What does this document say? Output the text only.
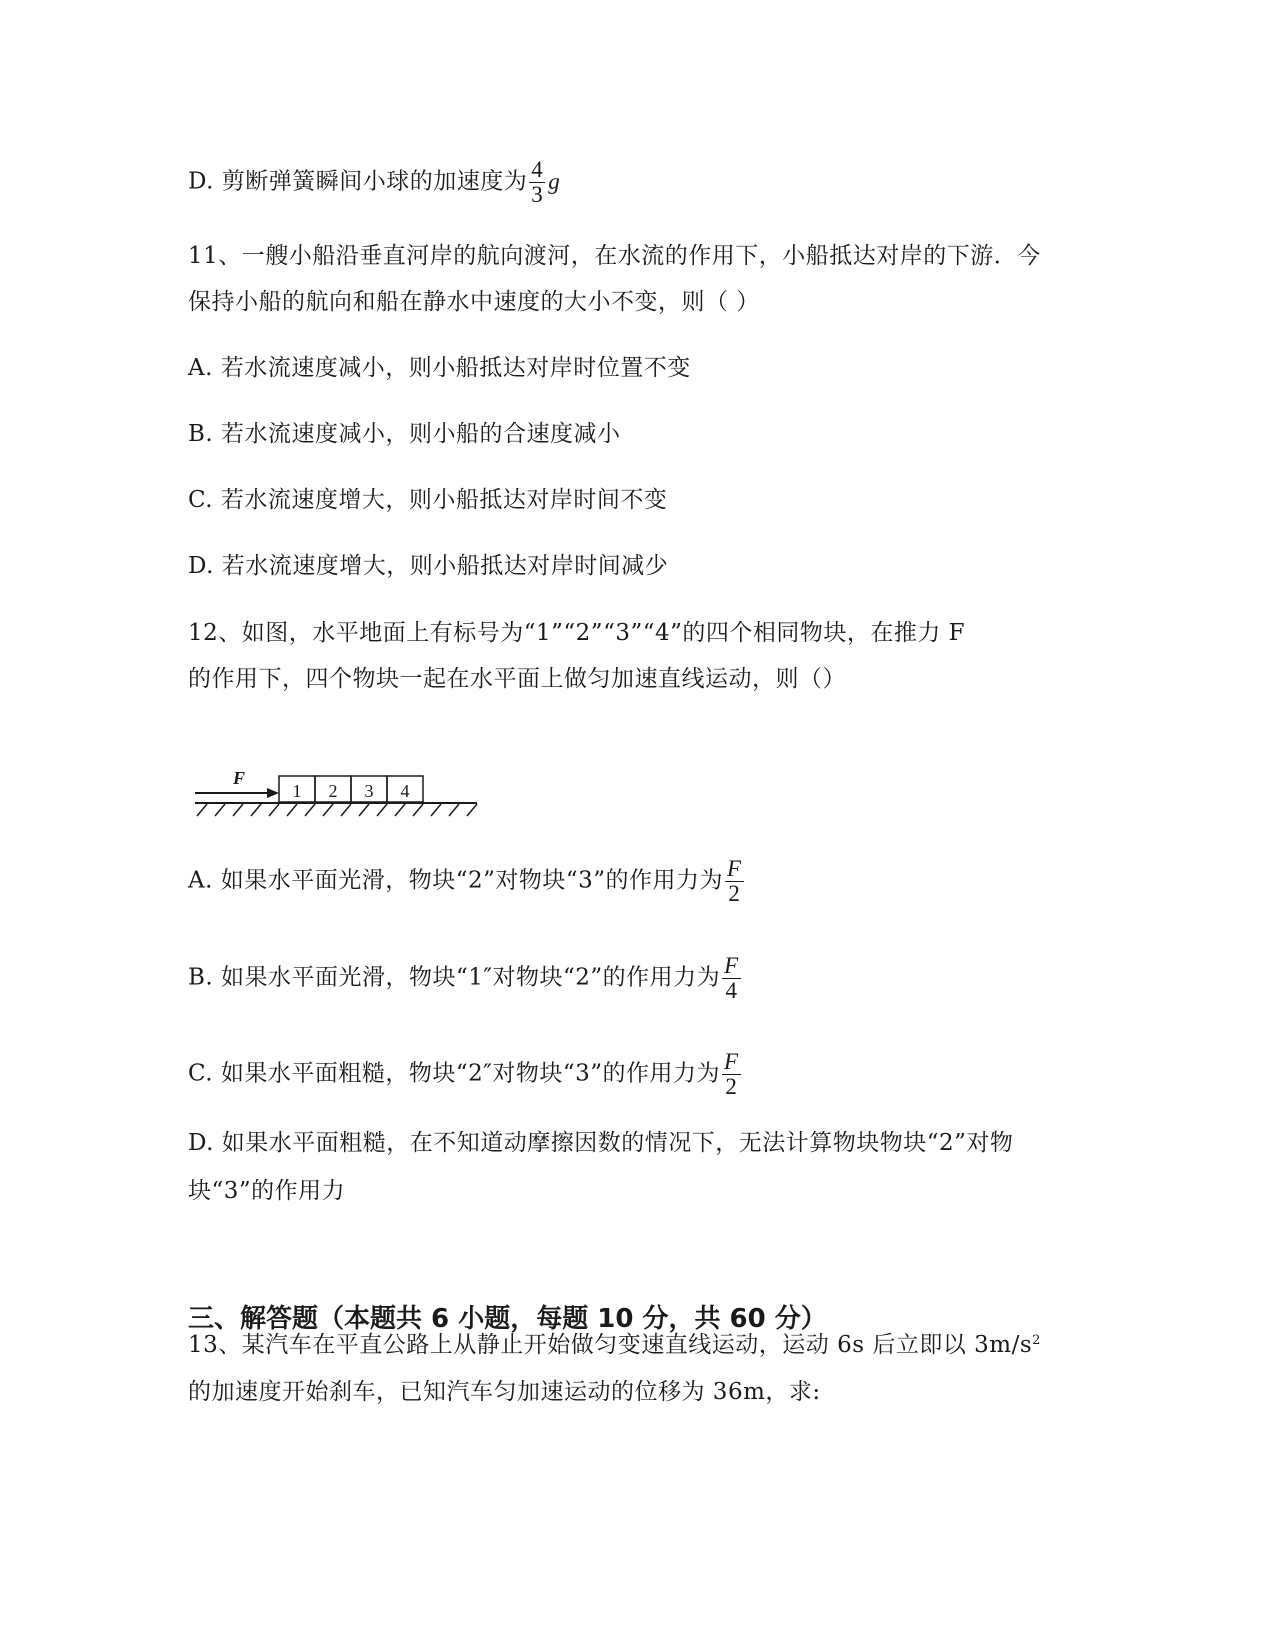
D. 剪断弹簧瞬间小球的加速度为 $\frac{4}{3}$ g
11、一艘小船沿垂直河岸的航向渡河，在水流的作用下，小船抵达对岸的下游．今
保持小船的航向和船在静水中速度的大小不变，则（ ）
A. 若水流速度减小，则小船抵达对岸时位置不变
B. 若水流速度减小，则小船的合速度减小
C. 若水流速度增大，则小船抵达对岸时间不变
D. 若水流速度增大，则小船抵达对岸时间减少
12、如图，水平地面上有标号为“1”“2”“3”“4”的四个相同物块，在推力 F
的作用下，四个物块一起在水平面上做匀加速直线运动，则（）
F
1 2 3 4
A. 如果水平面光滑，物块“2”对物块“3”的作用力为 $\frac{F}{2}$
B. 如果水平面光滑，物块“1″对物块“2”的作用力为 $\frac{F}{4}$
C. 如果水平面粗糙，物块“2″对物块“3”的作用力为 $\frac{F}{2}$
D. 如果水平面粗糙，在不知道动摩擦因数的情况下，无法计算物块物块“2”对物
块“3”的作用力
三、解答题（本题共 6 小题，每题 10 分，共 60 分）
13、某汽车在平直公路上从静止开始做匀变速直线运动，运动 6s 后立即以 $3m/s^2$
的加速度开始刹车，已知汽车匀加速运动的位移为 36m，求:
